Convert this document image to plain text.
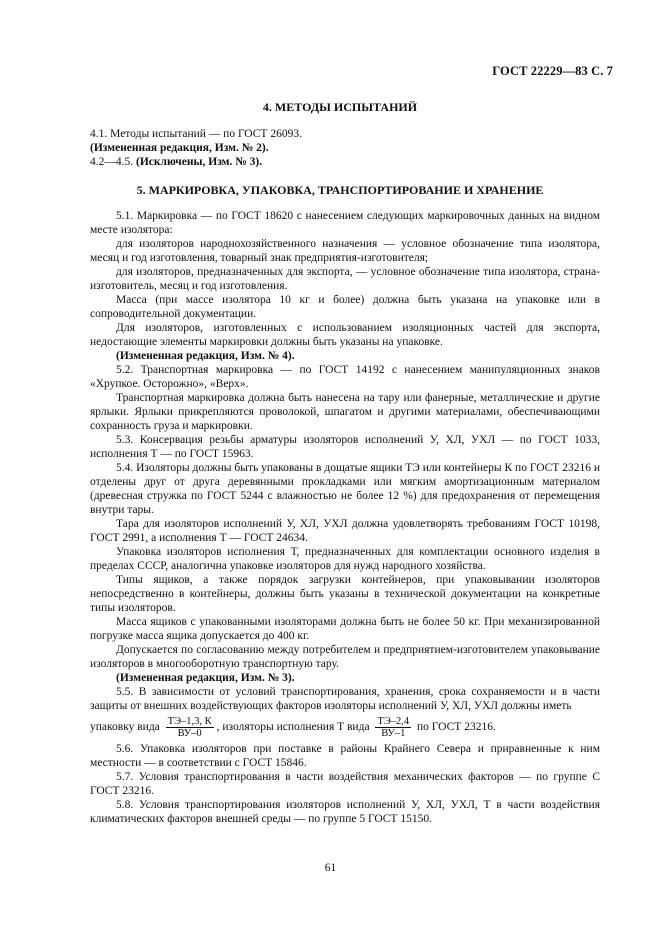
ГОСТ 22229—83 С. 7
4. МЕТОДЫ ИСПЫТАНИЙ

4.1. Методы испытаний — по ГОСТ 26093.

(Измененная редакция, Изм. № 2).

4.2—4.5. (Исключены, Изм. № 3).

5. МАРКИРОВКА, УПАКОВКА, ТРАНСПОРТИРОВАНИЕ И ХРАНЕНИЕ

5.1. Маркировка — по ГОСТ 18620 с нанесением следующих маркировочных данных на видном месте изолятора:

для изоляторов народнохозяйственного назначения — условное обозначение типа изолятора, месяц и год изготовления, товарный знак предприятия-изготовителя;

для изоляторов, предназначенных для экспорта, — условное обозначение типа изолятора, страна-изготовитель, месяц и год изготовления.

Масса (при массе изолятора 10 кг и более) должна быть указана на упаковке или в сопроводительной документации.

Для изоляторов, изготовленных с использованием изоляционных частей для экспорта, недостающие элементы маркировки должны быть указаны на упаковке.

(Измененная редакция, Изм. № 4).

5.2. Транспортная маркировка — по ГОСТ 14192 с нанесением манипуляционных знаков «Хрупкое. Осторожно», «Верх».

Транспортная маркировка должна быть нанесена на тару или фанерные, металлические и другие ярлыки. Ярлыки прикрепляются проволокой, шпагатом и другими материалами, обеспечивающими сохранность груза и маркировки.

5.3. Консервация резьбы арматуры изоляторов исполнений У, ХЛ, УХЛ — по ГОСТ 1033, исполнения Т — по ГОСТ 15963.

5.4. Изоляторы должны быть упакованы в дощатые ящики ТЭ или контейнеры К по ГОСТ 23216 и отделены друг от друга деревянными прокладками или мягким амортизационным материалом (древесная стружка по ГОСТ 5244 с влажностью не более 12 %) для предохранения от перемещения внутри тары.

Тара для изоляторов исполнений У, ХЛ, УХЛ должна удовлетворять требованиям ГОСТ 10198, ГОСТ 2991, а исполнения Т — ГОСТ 24634.

Упаковка изоляторов исполнения Т, предназначенных для комплектации основного изделия в пределах СССР, аналогична упаковке изоляторов для нужд народного хозяйства.

Типы ящиков, а также порядок загрузки контейнеров, при упаковывании изоляторов непосредственно в контейнеры, должны быть указаны в технической документации на конкретные типы изоляторов.

Масса ящиков с упакованными изоляторами должна быть не более 50 кг. При механизированной погрузке масса ящика допускается до 400 кг.

Допускается по согласованию между потребителем и предприятием-изготовителем упаковывание изоляторов в многооборотную транспортную тару.

(Измененная редакция, Изм. № 3).

5.5. В зависимости от условий транспортирования, хранения, срока сохраняемости и в части защиты от внешних воздействующих факторов изоляторы исполнений У, ХЛ, УХЛ должны иметь

упаковку вида $\frac{ТЭ-1,3, К}{ВУ-0}$ , изоляторы исполнения Т вида $\frac{ТЭ-2,4}{ВУ-1}$ по ГОСТ 23216.

5.6. Упаковка изоляторов при поставке в районы Крайнего Севера и приравненные к ним местности — в соответствии с ГОСТ 15846.

5.7. Условия транспортирования в части воздействия механических факторов — по группе С ГОСТ 23216.

5.8. Условия транспортирования изоляторов исполнений У, ХЛ, УХЛ, Т в части воздействия климатических факторов внешней среды — по группе 5 ГОСТ 15150.

61
